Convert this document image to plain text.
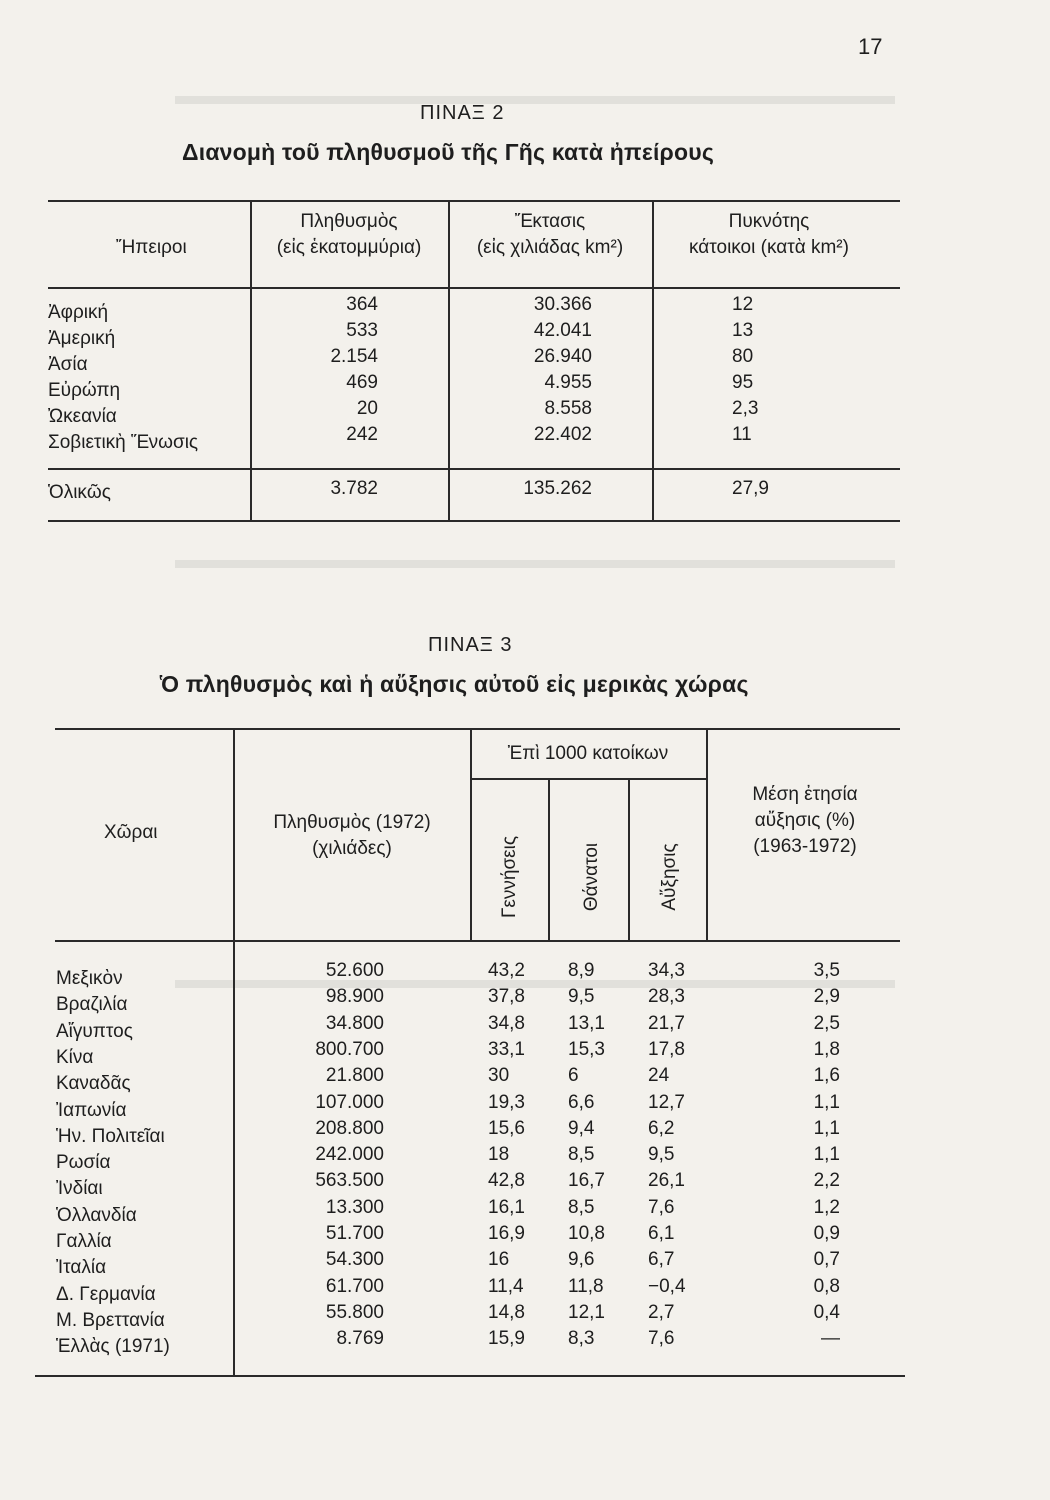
17
ΠΙΝΑΞ 2
Διανομὴ τοῦ πληθυσμοῦ τῆς Γῆς κατὰ ἠπείρους
Ἤπειροι
Πληθυσμὸς
(εἰς ἑκατομμύρια)
Ἔκτασις
(εἰς χιλιάδας km²)
Πυκνότης
κάτοικοι (κατὰ km²)
Ἀφρική	364	30.366	12
Ἀμερική	533	42.041	13
Ἀσία	2.154	26.940	80
Εὐρώπη	469	4.955	95
Ὠκεανία	20	8.558	2,3
Σοβιετικὴ Ἕνωσις	242	22.402	11
Ὁλικῶς	3.782	135.262	27,9
ΠΙΝΑΞ 3
Ὁ πληθυσμὸς καὶ ἡ αὔξησις αὐτοῦ εἰς μερικὰς χώρας
Χῶραι	Πληθυσμὸς (1972)
(χιλιάδες)
Ἐπὶ 1000 κατοίκων
Γεννήσεις	Θάνατοι	Αὔξησις
Μέση ἐτησία
αὔξησις (%)
(1963-1972)
Μεξικὸν	52.600	43,2 8,9	34,3	3,5
Βραζιλία	98.900	37,8 9,5	28,3	2,9
Αἴγυπτος	34.800	34,8 13,1 21,7	2,5
Κίνα	800.700	33,1 15,3 17,8	1,8
Καναδᾶς	21.800	30	6	24	1,6
Ἰαπωνία	107.000	19,3 6,6	12,7	1,1
Ἡν. Πολιτεῖαι	208.800	15,6 9,4	6,2	1,1
Ρωσία	242.000	18	8,5	9,5	1,1
Ἰνδίαι	563.500	42,8 16,7 26,1	2,2
Ὁλλανδία	13.300	16,1 8,5	7,6	1,2
Γαλλία	51.700	16,9 10,8 6,1	0,9
Ἰταλία	54.300	16	9,6	6,7	0,7
Δ. Γερμανία	61.700	11,4 11,8 −0,4	0,8
Μ. Βρεττανία	55.800	14,8 12,1 2,7	0,4
Ἑλλὰς (1971)	8.769	15,9 8,3	7,6	—
